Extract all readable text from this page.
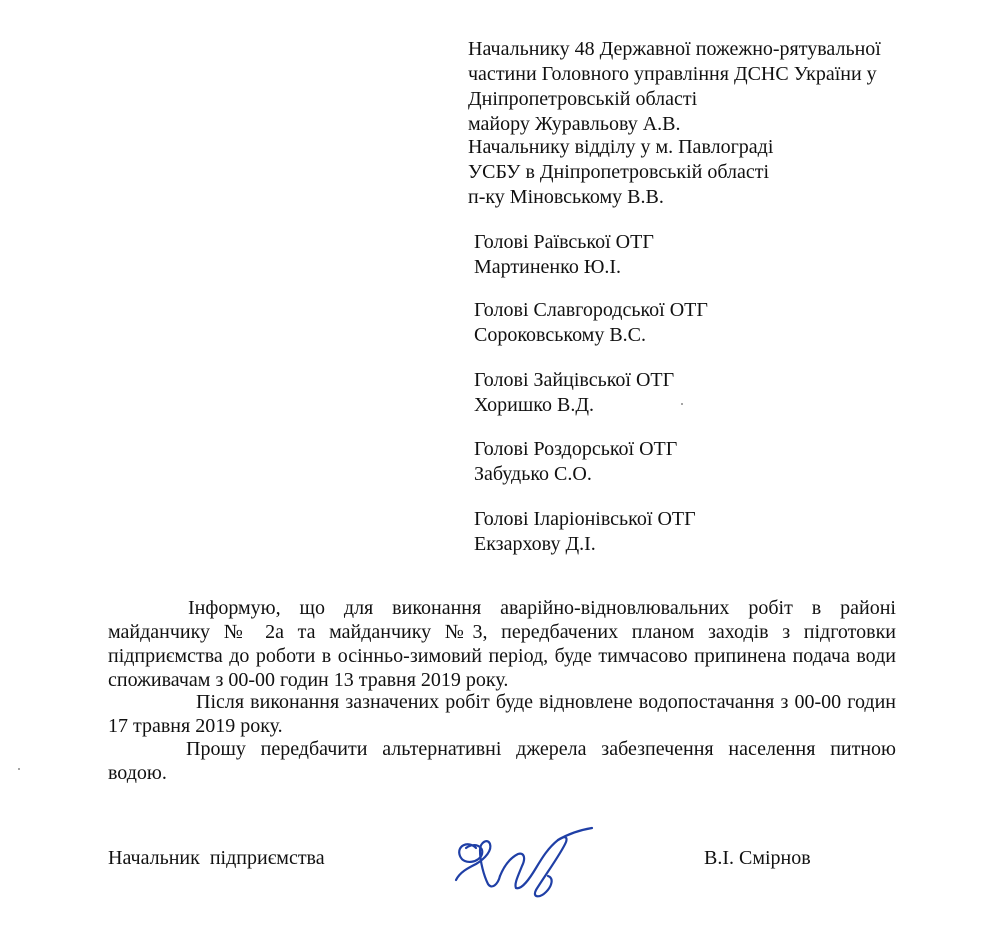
Начальнику 48 Державної пожежно-рятувальної
частини Головного управління ДСНС України у
Дніпропетровській області
майору Журавльову А.В.
Начальнику відділу у м. Павлограді
УСБУ в Дніпропетровській області
п-ку Міновському В.В.
Голові Раївської ОТГ
Мартиненко Ю.І.
Голові Славгородської ОТГ
Сороковському В.С.
Голові Зайцівської ОТГ
Хоришко В.Д.
Голові Роздорської ОТГ
Забудько С.О.
Голові Іларіонівської ОТГ
Екзархову Д.І.
Інформую, що для виконання аварійно-відновлювальних робіт в районі майданчику № 2а та майданчику №3, передбачених планом заходів з підготовки підприємства до роботи в осінньо-зимовий період, буде тимчасово припинена подача води споживачам з 00-00 годин 13 травня 2019 року.
Після виконання зазначених робіт буде відновлене водопостачання з 00-00 годин 17 травня 2019 року.
Прошу передбачити альтернативні джерела забезпечення населення питною водою.
Начальник  підприємства	В.І. Смірнов
